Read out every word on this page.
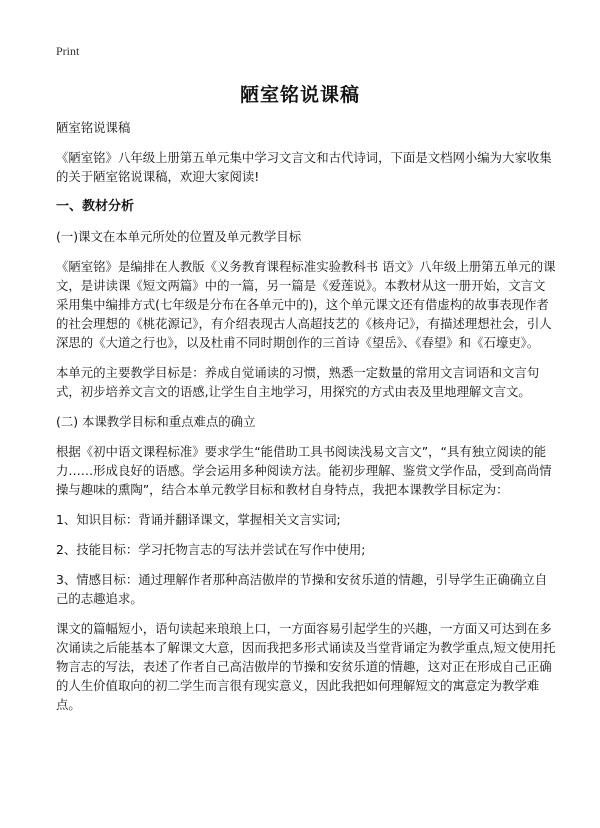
Print
陋室铭说课稿

陋室铭说课稿

《陋室铭》八年级上册第五单元集中学习文言文和古代诗词，下面是文档网小编为大家收集的关于陋室铭说课稿，欢迎大家阅读!

一、教材分析

(一)课文在本单元所处的位置及单元教学目标

《陋室铭》是编排在人教版《义务教育课程标准实验教科书 语文》八年级上册第五单元的课文，是讲读课《短文两篇》中的一篇，另一篇是《爱莲说》。本教材从这一册开始，文言文采用集中编排方式(七年级是分布在各单元中的)，这个单元课文还有借虚构的故事表现作者的社会理想的《桃花源记》，有介绍表现古人高超技艺的《核舟记》，有描述理想社会，引人深思的《大道之行也》，以及杜甫不同时期创作的三首诗《望岳》、《春望》和《石壕吏》。

本单元的主要教学目标是：养成自觉诵读的习惯，熟悉一定数量的常用文言词语和文言句式，初步培养文言文的语感,让学生自主地学习，用探究的方式由表及里地理解文言文。

(二) 本课教学目标和重点难点的确立

根据《初中语文课程标准》要求学生“能借助工具书阅读浅易文言文”，“具有独立阅读的能力……形成良好的语感。学会运用多种阅读方法。能初步理解、鉴赏文学作品，受到高尚情操与趣味的熏陶”，结合本单元教学目标和教材自身特点，我把本课教学目标定为：

1、知识目标：背诵并翻译课文，掌握相关文言实词;

2、技能目标：学习托物言志的写法并尝试在写作中使用;

3、情感目标：通过理解作者那种高洁傲岸的节操和安贫乐道的情趣，引导学生正确确立自己的志趣追求。

课文的篇幅短小，语句读起来琅琅上口，一方面容易引起学生的兴趣，一方面又可达到在多次诵读之后能基本了解课文大意，因而我把多形式诵读及当堂背诵定为教学重点,短文使用托物言志的写法，表述了作者自己高洁傲岸的节操和安贫乐道的情趣，这对正在形成自己正确的人生价值取向的初二学生而言很有现实意义，因此我把如何理解短文的寓意定为教学难点。
